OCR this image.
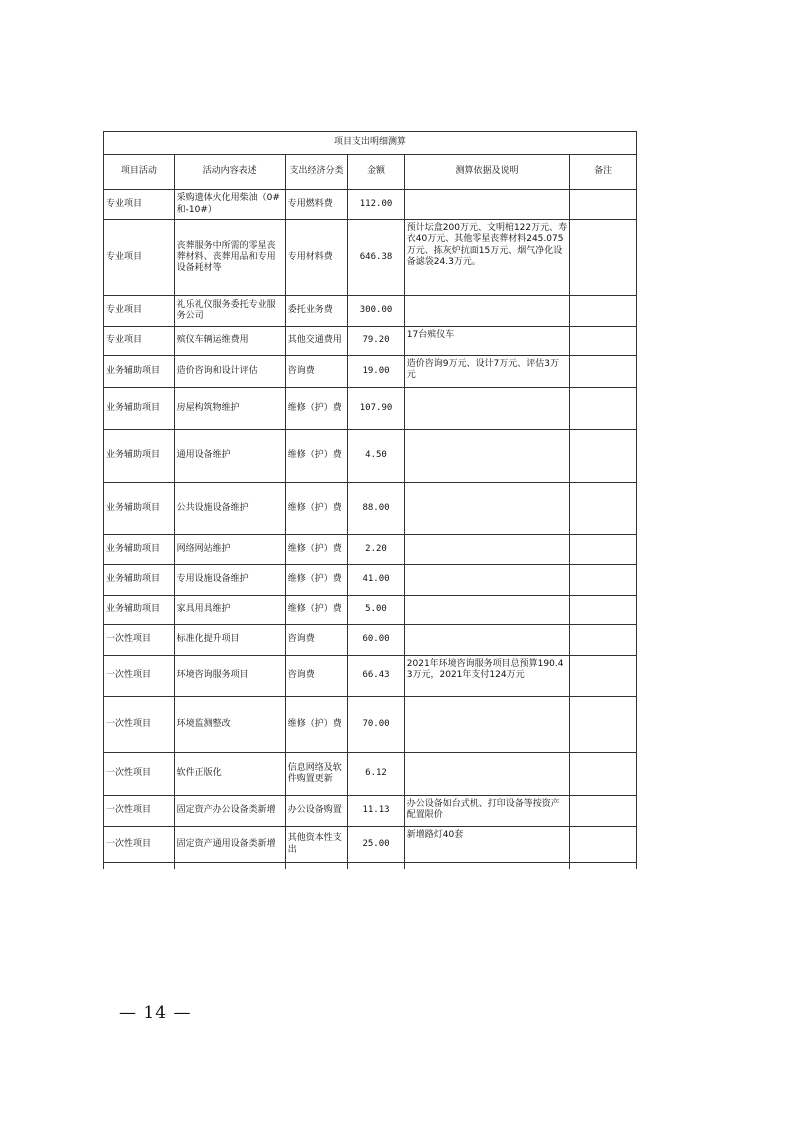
项目支出明细测算					
项目活动	活动内容表述	支出经济分类	金额	测算依据及说明	备注
专业项目	采购遗体火化用柴油（0#和-10#）	专用燃料费	112.00		
专业项目	丧葬服务中所需的零星丧葬材料、丧葬用品和专用设备耗材等	专用材料费	646.38	预计坛盒200万元、文明棺122万元、寿衣40万元、其他零星丧葬材料245.075万元、拣灰炉抗面15万元、烟气净化设备滤袋24.3万元。	
专业项目	礼乐礼仪服务委托专业服务公司	委托业务费	300.00		
专业项目	殡仪车辆运维费用	其他交通费用	79.20	17台殡仪车	
业务辅助项目	造价咨询和设计评估	咨询费	19.00	造价咨询9万元、设计7万元、评估3万元	
业务辅助项目	房屋构筑物维护	维修（护）费	107.90		
业务辅助项目	通用设备维护	维修（护）费	4.50		
业务辅助项目	公共设施设备维护	维修（护）费	88.00		
业务辅助项目	网络网站维护	维修（护）费	2.20		
业务辅助项目	专用设施设备维护	维修（护）费	41.00		
业务辅助项目	家具用具维护	维修（护）费	5.00		
一次性项目	标准化提升项目	咨询费	60.00		
一次性项目	环境咨询服务项目	咨询费	66.43	2021年环境咨询服务项目总预算190.43万元，2021年支付124万元	
一次性项目	环境监测整改	维修（护）费	70.00		
一次性项目	软件正版化	信息网络及软件购置更新	6.12		
一次性项目	固定资产办公设备类新增	办公设备购置	11.13	办公设备如台式机、打印设备等按资产配置限价	
一次性项目	固定资产通用设备类新增	其他资本性支出	25.00	新增路灯40套	

— 14 —
